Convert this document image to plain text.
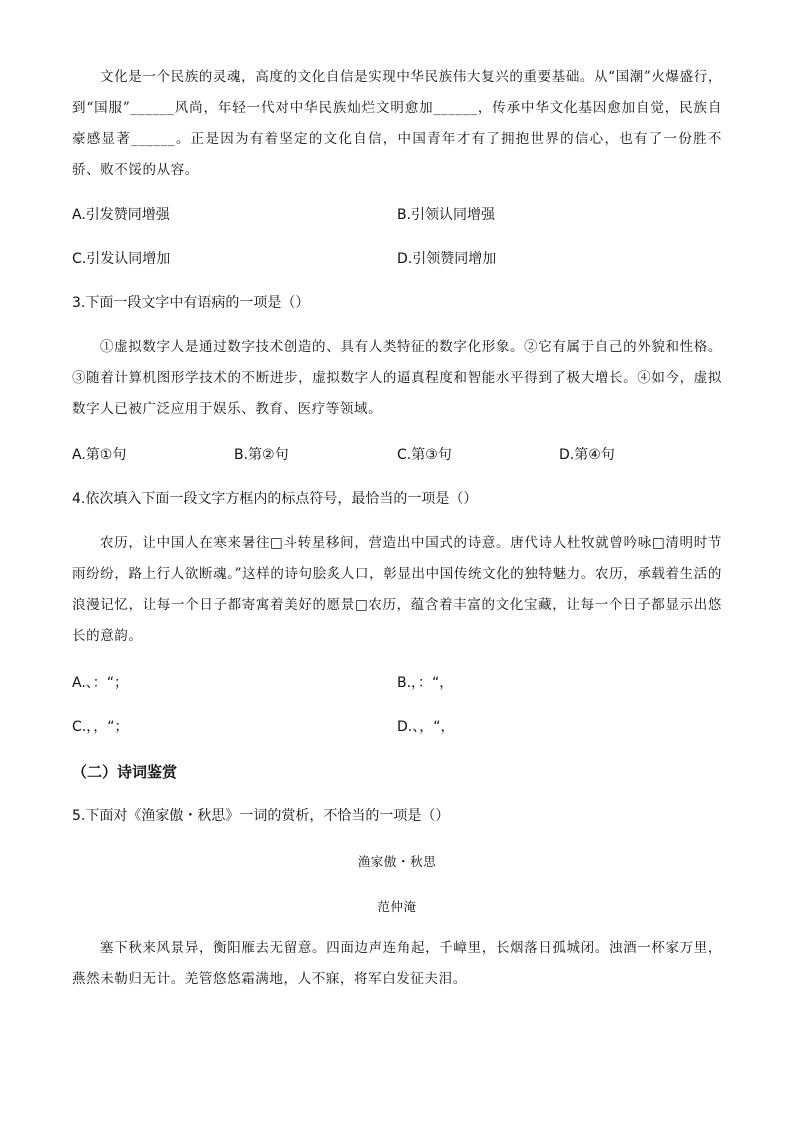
文化是一个民族的灵魂，高度的文化自信是实现中华民族伟大复兴的重要基础。从“国潮”火爆盛行，到“国服”______风尚，年轻一代对中华民族灿烂文明愈加______，传承中华文化基因愈加自觉，民族自豪感显著______。正是因为有着坚定的文化自信，中国青年才有了拥抱世界的信心，也有了一份胜不骄、败不馁的从容。

A.引发赞同增强	B.引领认同增强
C.引发认同增加	D.引领赞同增加
3.下面一段文字中有语病的一项是（）

①虚拟数字人是通过数字技术创造的、具有人类特征的数字化形象。②它有属于自己的外貌和性格。③随着计算机图形学技术的不断进步，虚拟数字人的逼真程度和智能水平得到了极大增长。④如今，虚拟数字人已被广泛应用于娱乐、教育、医疗等领域。

A.第①句	B.第②句	C.第③句	D.第④句
4.依次填入下面一段文字方框内的标点符号，最恰当的一项是（）

农历，让中国人在寒来暑往□斗转星移间，营造出中国式的诗意。唐代诗人杜牧就曾吟咏□清明时节雨纷纷，路上行人欲断魂。”这样的诗句脍炙人口，彰显出中国传统文化的独特魅力。农历，承载着生活的浪漫记忆，让每一个日子都寄寓着美好的愿景□农历，蕴含着丰富的文化宝藏，让每一个日子都显示出悠长的意韵。

A.、：“；	B.，：“，
C.，，“；	D.、，“，
（二）诗词鉴赏
5.下面对《渔家傲・秋思》一词的赏析，不恰当的一项是（）
渔家傲・秋思
范仲淹

塞下秋来风景异，衡阳雁去无留意。四面边声连角起，千嶂里，长烟落日孤城闭。浊酒一杯家万里，燕然未勒归无计。羌管悠悠霜满地，人不寐，将军白发征夫泪。
